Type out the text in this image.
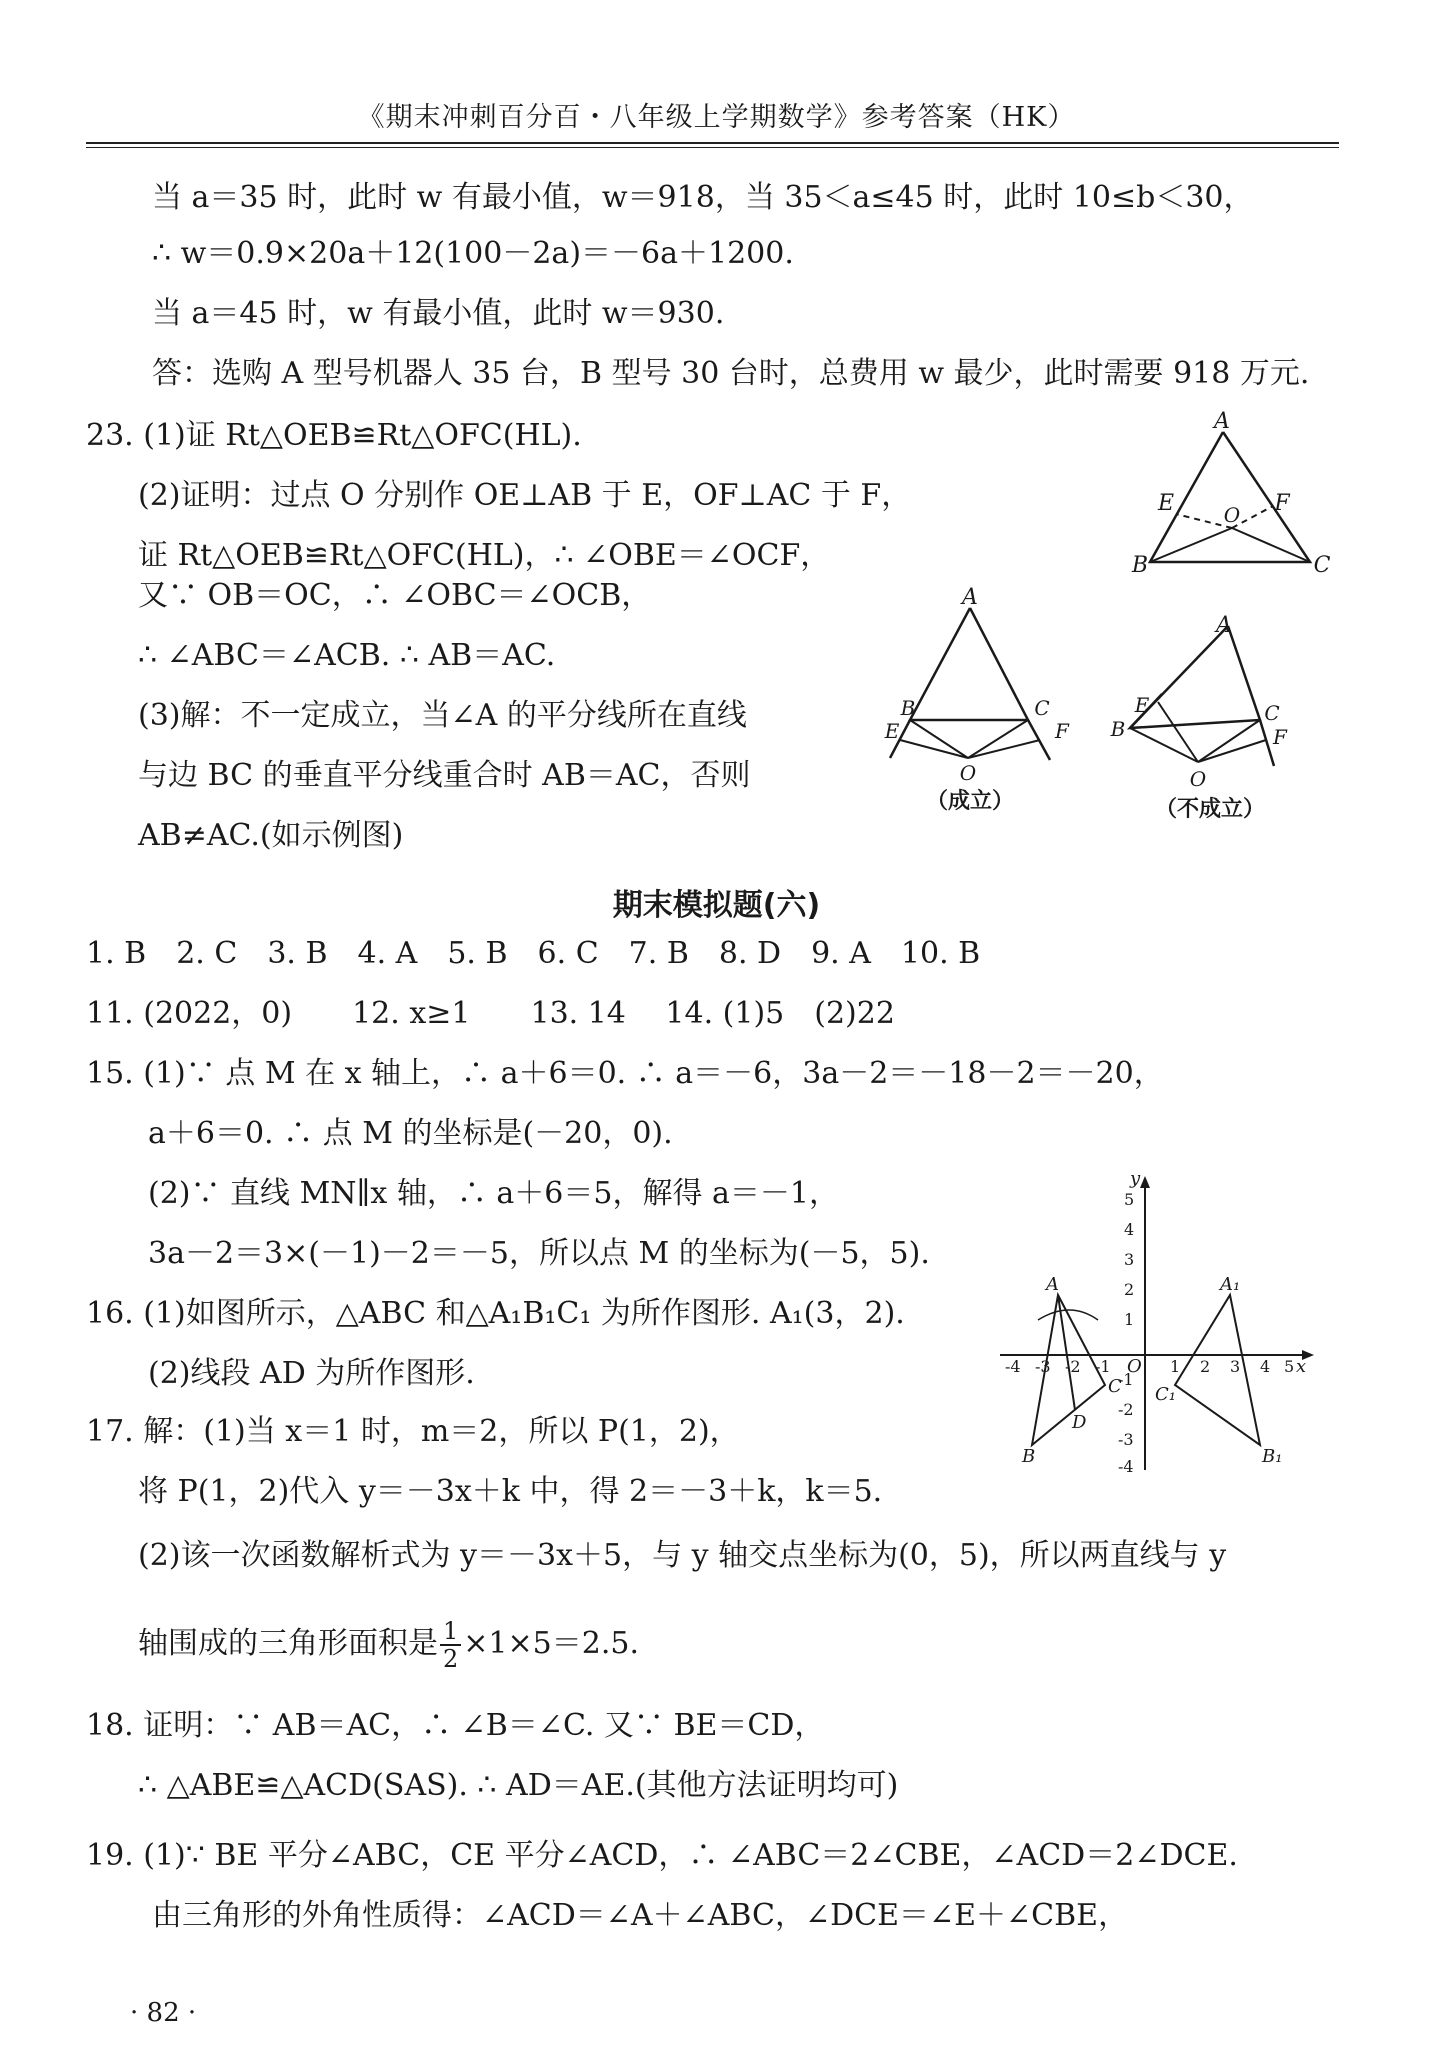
《期末冲刺百分百・八年级上学期数学》参考答案（HK）
当 a＝35 时，此时 w 有最小值，w＝918，当 35＜a≤45 时，此时 10≤b＜30，
∴ w＝0.9×20a＋12(100－2a)＝－6a＋1200.
当 a＝45 时，w 有最小值，此时 w＝930.
答：选购 A 型号机器人 35 台，B 型号 30 台时，总费用 w 最少，此时需要 918 万元.
23. (1)证 Rt△OEB≌Rt△OFC(HL).
(2)证明：过点 O 分别作 OE⊥AB 于 E，OF⊥AC 于 F，
证 Rt△OEB≌Rt△OFC(HL)，∴ ∠OBE＝∠OCF，
又∵ OB＝OC，∴ ∠OBC＝∠OCB，
∴ ∠ABC＝∠ACB. ∴ AB＝AC.
(3)解：不一定成立，当∠A 的平分线所在直线
与边 BC 的垂直平分线重合时 AB＝AC，否则
AB≠AC.(如示例图)
期末模拟题(六)
1. B　2. C　3. B　4. A　5. B　6. C　7. B　8. D　9. A　10. B
11. (2022，0)　　12. x≥1　　13. 14　 14. (1)5　(2)22
15. (1)∵ 点 M 在 x 轴上，∴ a＋6＝0. ∴ a＝－6，3a－2＝－18－2＝－20，
a＋6＝0. ∴ 点 M 的坐标是(－20，0).
(2)∵ 直线 MN∥x 轴，∴ a＋6＝5，解得 a＝－1，
3a－2＝3×(－1)－2＝－5，所以点 M 的坐标为(－5，5).
16. (1)如图所示，△ABC 和△A₁B₁C₁ 为所作图形. A₁(3，2).
(2)线段 AD 为所作图形.
17. 解：(1)当 x＝1 时，m＝2，所以 P(1，2)，
将 P(1，2)代入 y＝－3x＋k 中，得 2＝－3＋k，k＝5.
(2)该一次函数解析式为 y＝－3x＋5，与 y 轴交点坐标为(0，5)，所以两直线与 y
轴围成的三角形面积是 $\frac{1}{2} \times 1\times 5=2.5$.
18. 证明：∵ AB＝AC，∴ ∠B＝∠C. 又∵ BE＝CD，
∴ △ABE≌△ACD(SAS). ∴ AD＝AE.(其他方法证明均可)
19. (1)∵ BE 平分∠ABC，CE 平分∠ACD，∴ ∠ABC＝2∠CBE，∠ACD＝2∠DCE.
由三角形的外角性质得：∠ACD＝∠A＋∠ABC，∠DCE＝∠E＋∠CBE，
· 82 ·
A
E O F
B	C
A
B	C
E	F
O
（成立）
A
E	C
B	F
O
（不成立）
y
x
O
5
4
3
2
1
-1
-2
-3
-4
-4 -3 -2 -1	1 2 3 4 5
A
B
C
D
A₁
B₁
C₁
